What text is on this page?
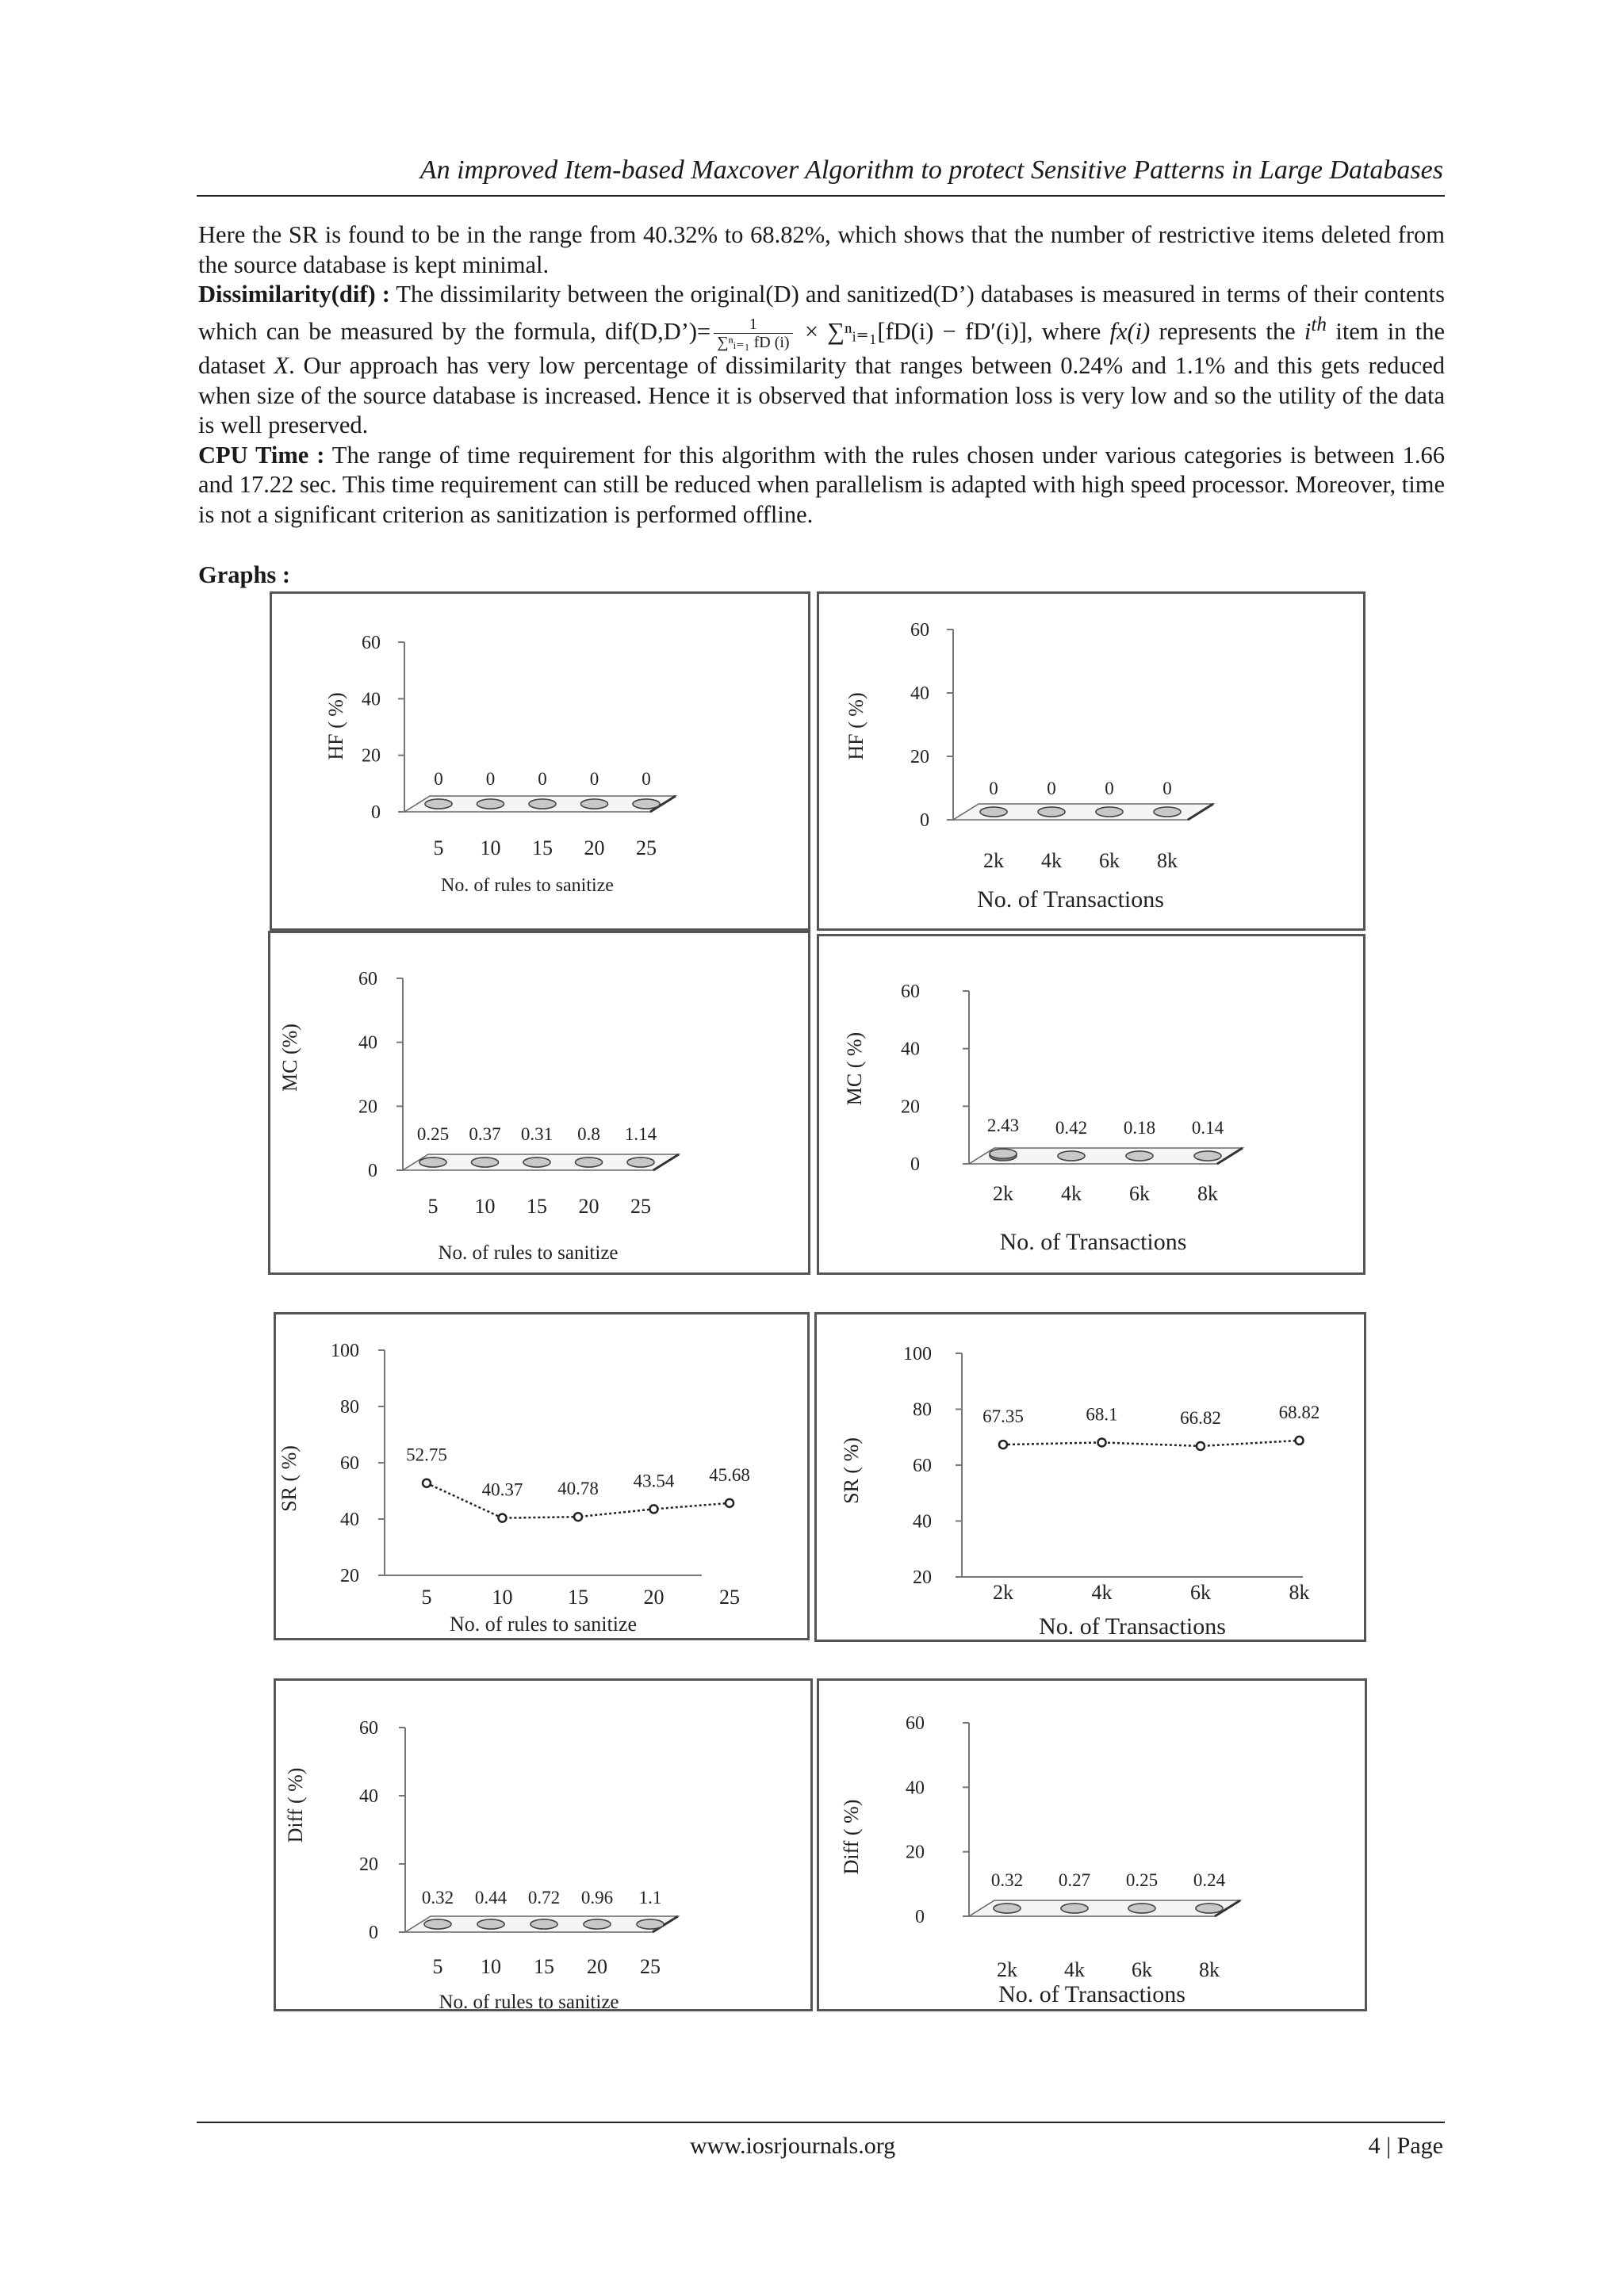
An improved Item-based Maxcover Algorithm to protect Sensitive Patterns in Large Databases

Here the SR is found to be in the range from 40.32% to 68.82%, which shows that the number of restrictive items deleted from the source database is kept minimal.

Dissimilarity(dif) : The dissimilarity between the original(D) and sanitized(D’) databases is measured in terms of their contents which can be measured by the formula, dif(D,D’)= $\frac{1}{\text{∑ⁿᵢ₌₁ fD (i)}}$ × ∑ⁿᵢ₌₁[fD(i) − fD′(i)], where fx(i) represents the $i^{th}$ item in the dataset X. Our approach has very low percentage of dissimilarity that ranges between 0.24% and 1.1% and this gets reduced when size of the source database is increased. Hence it is observed that information loss is very low and so the utility of the data is well preserved.

CPU Time : The range of time requirement for this algorithm with the rules chosen under various categories is between 1.66 and 17.22 sec. This time requirement can still be reduced when parallelism is adapted with high speed processor. Moreover, time is not a significant criterion as sanitization is performed offline.

Graphs :
0
20
40
60
HF ( %)
No. of rules to sanitize
5
0
10
0
15
0
20
0
25
0
0
20
40
60
HF ( %)
No. of Transactions
2k
0
4k
0
6k
0
8k
0
0
20
40
60
MC (%)
No. of rules to sanitize
5
0.25
10
0.37
15
0.31
20
0.8
25
1.14
0
20
40
60
MC ( %)
No. of Transactions
2k
2.43
4k
0.42
6k
0.18
8k
0.14
20
40
60
80
100
SR ( %)
No. of rules to sanitize
5	10	15	20	25
52.75
40.37 40.78 43.54 45.68
20
40
60
80
100
SR ( %)
No. of Transactions
2k	4k	6k	8k
67.35	68.1	66.82	68.82
0
20
40
60
Diff ( %)
No. of rules to sanitize
5
0.32
10
0.44
15
0.72
20
0.96
25
1.1
0
20
40
60
Diff ( %)
No. of Transactions
2k
0.32
4k
0.27
6k
0.25
8k
0.24
www.iosrjournals.org	4 | Page
